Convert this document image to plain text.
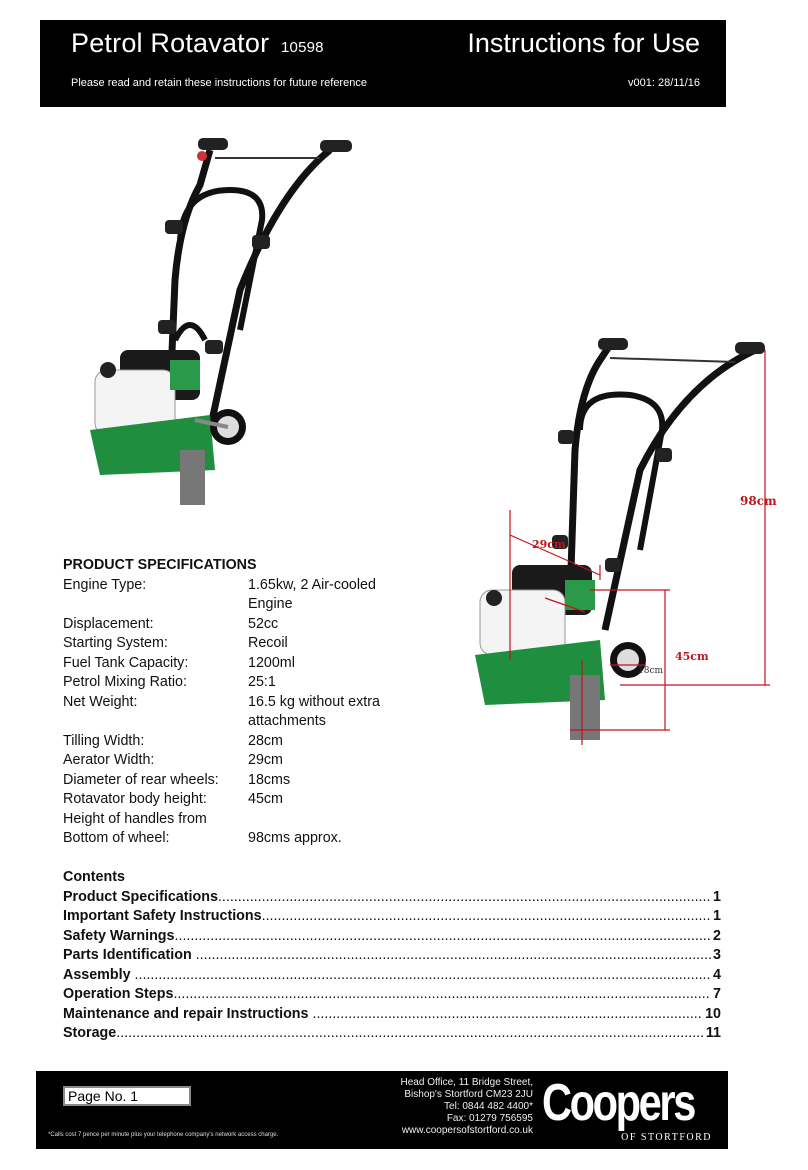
Petrol Rotavator 10598	Instructions for Use
Please read and retain these instructions for future reference	v001: 28/11/16
98cm
29cm
45cm
18cm
PRODUCT SPECIFICATIONS
Engine Type:	1.65kw, 2 Air-cooled Engine
Displacement:	52cc
Starting System:	Recoil
Fuel Tank Capacity:	1200ml
Petrol Mixing Ratio:	25:1
Net Weight:	16.5 kg without extra attachments
Tilling Width:	28cm
Aerator Width:	29cm
Diameter of rear wheels:	18cms
Rotavator body height:	45cm
Height of handles from
Bottom of wheel:	98cms approx.
Contents
Product Specifications .....	1
Important Safety Instructions .....	1
Safety Warnings .....	2
Parts Identification .....	3
Assembly .....	4
Operation Steps .....	7
Maintenance and repair Instructions .....	10
Storage .....	11
Page No. 1
*Calls cost 7 pence per minute plus your telephone company's network access charge.
Head Office, 11 Bridge Street,
Bishop's Stortford CM23 2JU
Tel: 0844 482 4400*
Fax: 01279 756595
www.coopersofstortford.co.uk Coopers
OF STORTFORD
